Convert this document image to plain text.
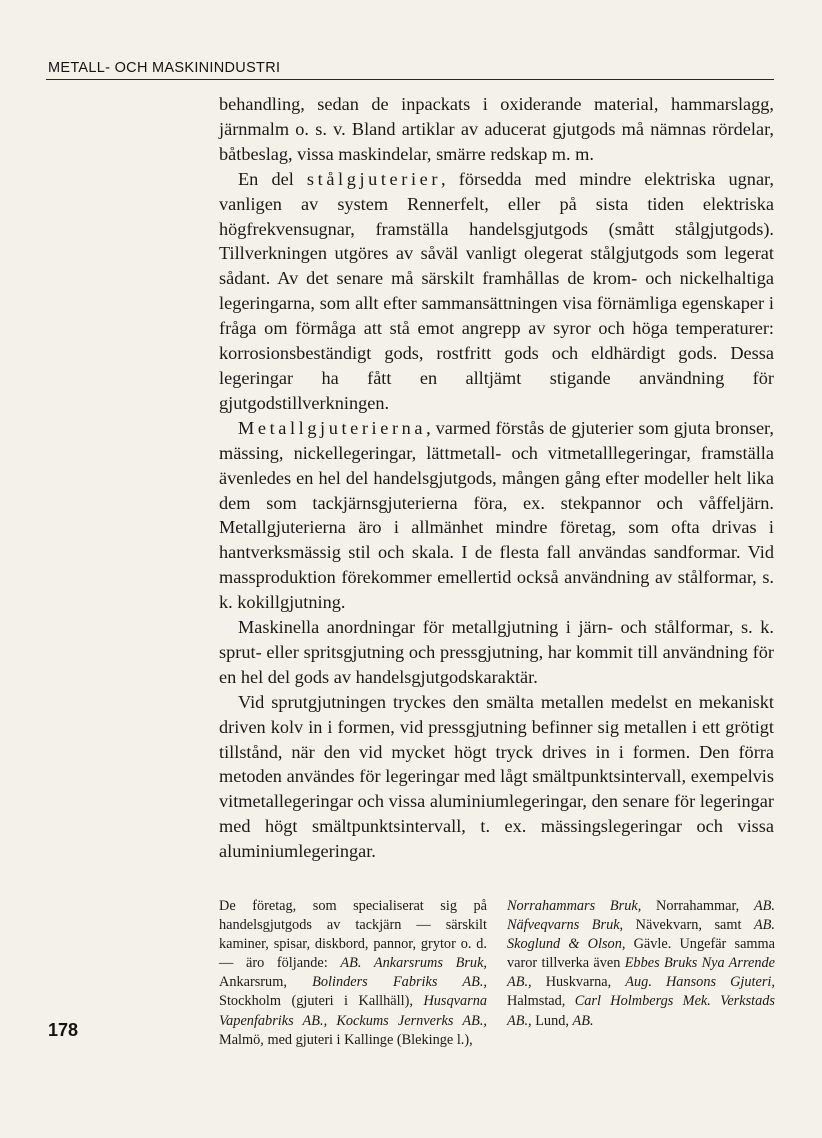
METALL- OCH MASKININDUSTRI

behandling, sedan de inpackats i oxiderande material, hammarslagg, järnmalm o. s. v. Bland artiklar av aducerat gjutgods må nämnas rördelar, båtbeslag, vissa maskindelar, smärre redskap m. m.

En del stålgjuterier, försedda med mindre elektriska ugnar, vanligen av system Rennerfelt, eller på sista tiden elektriska högfrekvensugnar, framställa handelsgjutgods (smått stålgjutgods). Tillverkningen utgöres av såväl vanligt olegerat stålgjutgods som legerat sådant. Av det senare må särskilt framhållas de krom- och nickelhaltiga legeringarna, som allt efter sammansättningen visa förnämliga egenskaper i fråga om förmåga att stå emot angrepp av syror och höga temperaturer: korrosionsbeständigt gods, rostfritt gods och eldhärdigt gods. Dessa legeringar ha fått en alltjämt stigande användning för gjutgodstillverkningen.

Metallgjuterierna, varmed förstås de gjuterier som gjuta bronser, mässing, nickellegeringar, lättmetall- och vitmetalllegeringar, framställa ävenledes en hel del handelsgjutgods, mången gång efter modeller helt lika dem som tackjärnsgjuterierna föra, ex. stekpannor och våffeljärn. Metallgjuterierna äro i allmänhet mindre företag, som ofta drivas i hantverksmässig stil och skala. I de flesta fall användas sandformar. Vid massproduktion förekommer emellertid också användning av stålformar, s. k. kokillgjutning.

Maskinella anordningar för metallgjutning i järn- och stålformar, s. k. sprut- eller spritsgjutning och pressgjutning, har kommit till användning för en hel del gods av handelsgjutgodskaraktär.

Vid sprutgjutningen tryckes den smälta metallen medelst en mekaniskt driven kolv in i formen, vid pressgjutning befinner sig metallen i ett grötigt tillstånd, när den vid mycket högt tryck drives in i formen. Den förra metoden användes för legeringar med lågt smältpunktsintervall, exempelvis vitmetallegeringar och vissa aluminiumlegeringar, den senare för legeringar med högt smältpunktsintervall, t. ex. mässingslegeringar och vissa aluminiumlegeringar.

De företag, som specialiserat sig på handelsgjutgods av tackjärn — särskilt kaminer, spisar, diskbord, pannor, grytor o. d. — äro följande: AB. Ankarsrums Bruk, Ankarsrum, Bolinders Fabriks AB., Stockholm (gjuteri i Kallhäll), Husqvarna Vapenfabriks AB., Kockums Jernverks AB., Malmö, med gjuteri i Kallinge (Blekinge l.),

Norrahammars Bruk, Norrahammar, AB. Näfveqvarns Bruk, Nävekvarn, samt AB. Skoglund & Olson, Gävle. Ungefär samma varor tillverka även Ebbes Bruks Nya Arrende AB., Huskvarna, Aug. Hansons Gjuteri, Halmstad, Carl Holmbergs Mek. Verkstads AB., Lund, AB.

178
